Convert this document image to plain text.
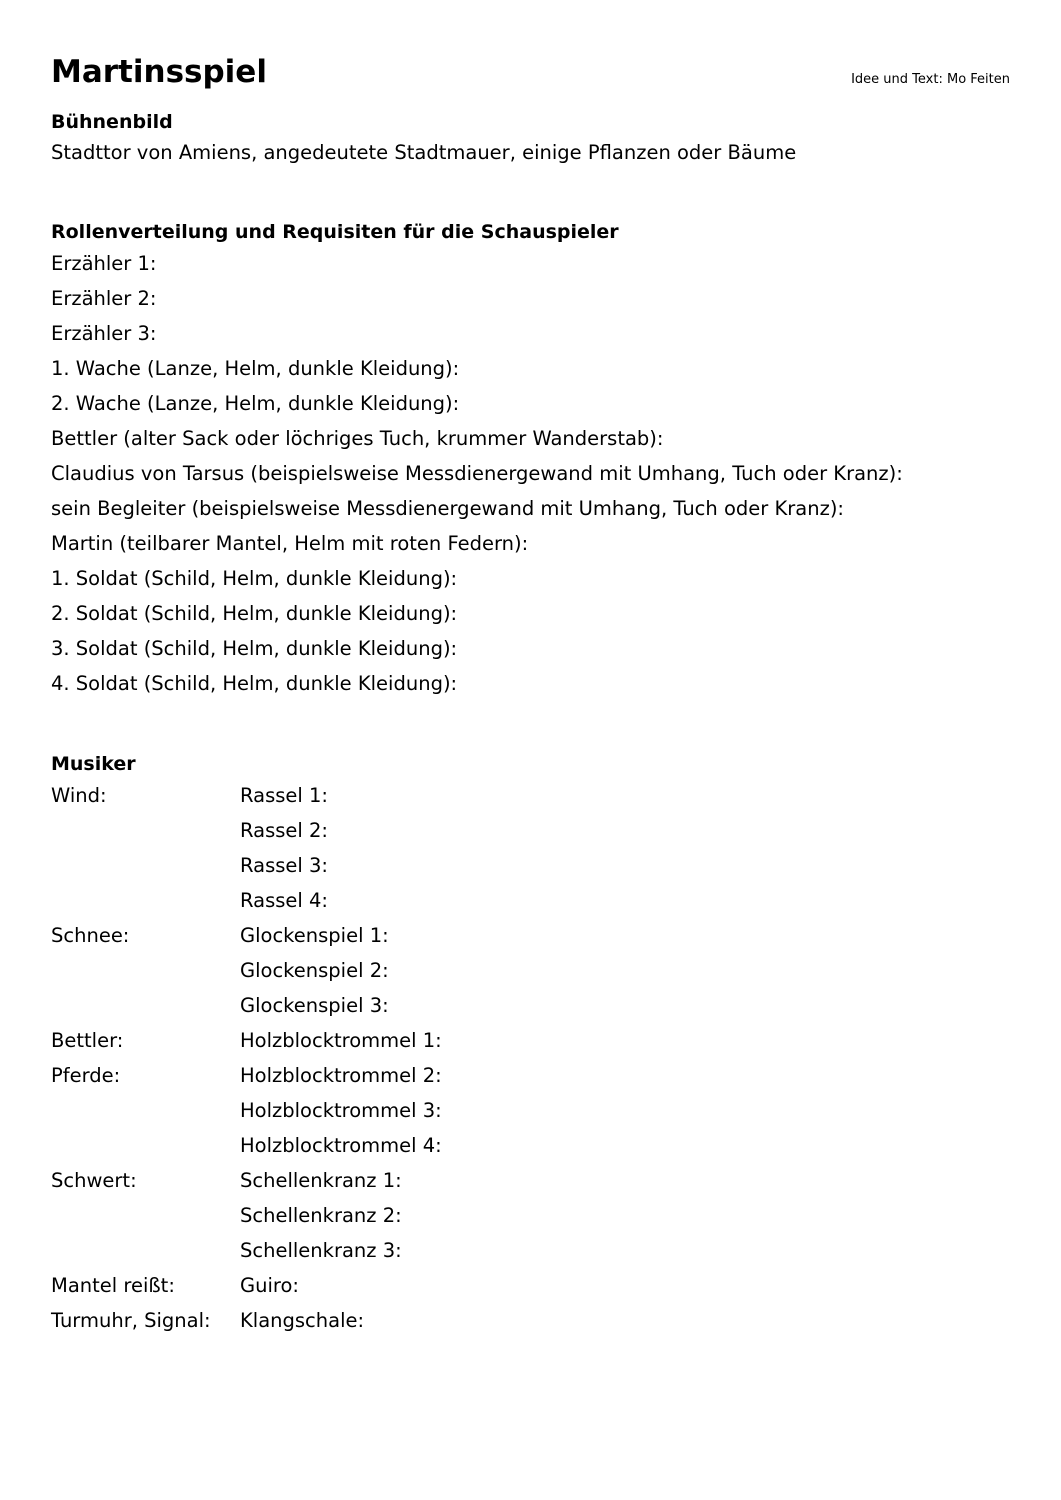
Martinsspiel	Idee und Text: Mo Feiten
Bühnenbild
Stadttor von Amiens, angedeutete Stadtmauer, einige Pflanzen oder Bäume
Rollenverteilung und Requisiten für die Schauspieler
Erzähler 1:
Erzähler 2:
Erzähler 3:
1. Wache (Lanze, Helm, dunkle Kleidung):
2. Wache (Lanze, Helm, dunkle Kleidung):
Bettler (alter Sack oder löchriges Tuch, krummer Wanderstab):
Claudius von Tarsus (beispielsweise Messdienergewand mit Umhang, Tuch oder Kranz):
sein Begleiter (beispielsweise Messdienergewand mit Umhang, Tuch oder Kranz):
Martin (teilbarer Mantel, Helm mit roten Federn):
1. Soldat (Schild, Helm, dunkle Kleidung):
2. Soldat (Schild, Helm, dunkle Kleidung):
3. Soldat (Schild, Helm, dunkle Kleidung):
4. Soldat (Schild, Helm, dunkle Kleidung):
Musiker
Wind:	Rassel 1:
Rassel 2:
Rassel 3:
Rassel 4:
Schnee:	Glockenspiel 1:
Glockenspiel 2:
Glockenspiel 3:
Bettler:	Holzblocktrommel 1:
Pferde:	Holzblocktrommel 2:
Holzblocktrommel 3:
Holzblocktrommel 4:
Schwert:	Schellenkranz 1:
Schellenkranz 2:
Schellenkranz 3:
Mantel reißt:	Guiro:
Turmuhr, Signal:	Klangschale:
